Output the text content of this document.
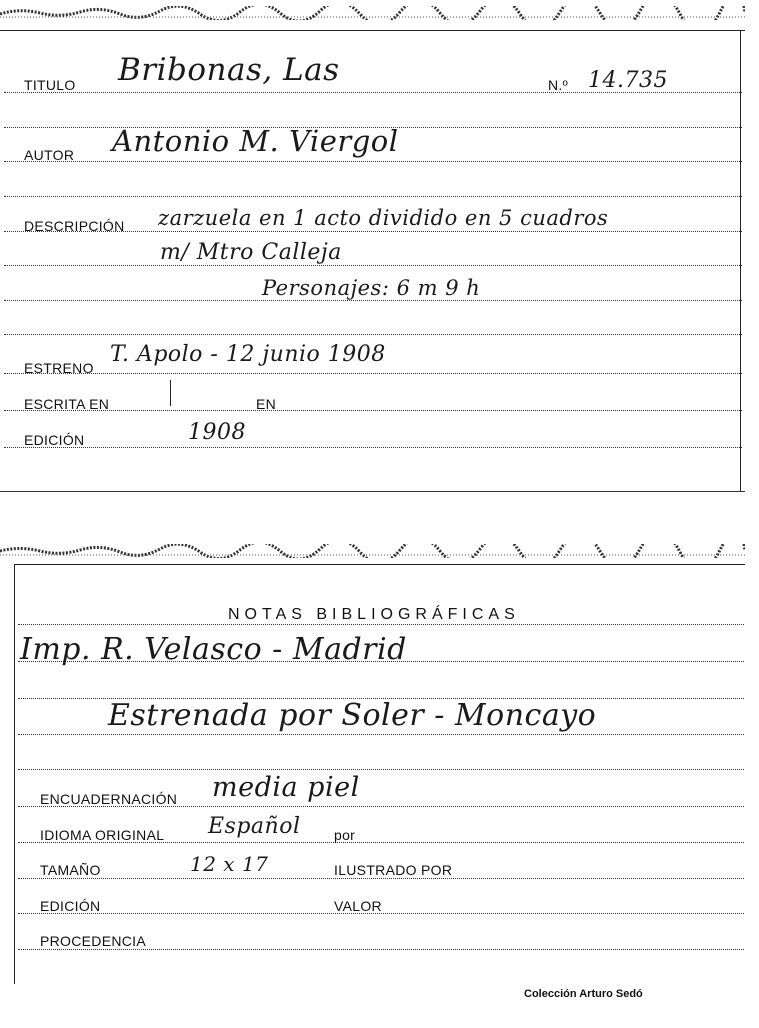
TITULO Bribonas, Las	N.º 14.735
AUTOR Antonio M. Viergol
DESCRIPCIÓN zarzuela en 1 acto dividido en 5 cuadros
m/ Mtro Calleja
Personajes: 6 m 9 h
ESTRENO
T. Apolo - 12 junio 1908
ESCRITA EN	EN
EDICIÓN	1908
NOTAS BIBLIOGRÁFICAS
Imp. R. Velasco - Madrid
Estrenada por Soler - Moncayo
ENCUADERNACIÓN media piel
IDIOMA ORIGINAL Español por
TAMAÑO	12 x 17	ILUSTRADO POR
EDICIÓN	VALOR
PROCEDENCIA
Colección Arturo Sedó
